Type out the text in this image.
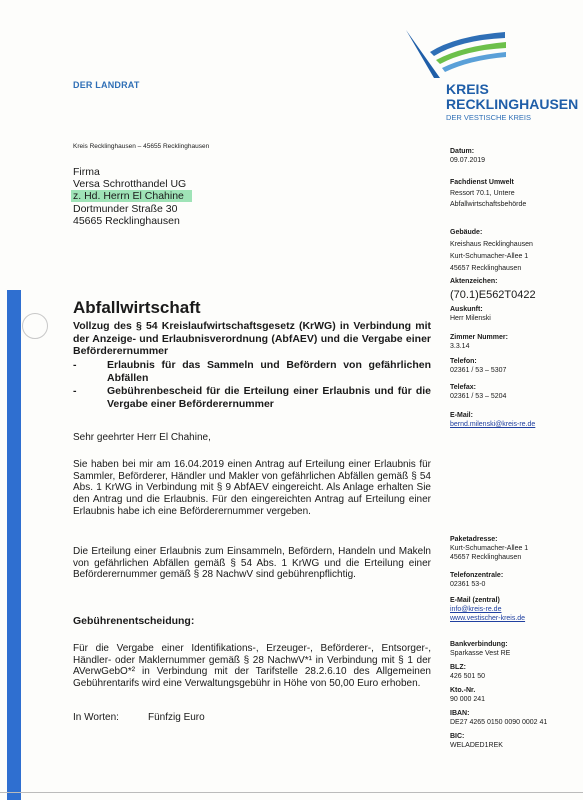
DER LANDRAT	KREIS
RECKLINGHAUSEN
DER VESTISCHE KREIS
Kreis Recklinghausen – 45655 Recklinghausen
Firma
Versa Schrotthandel UG
z. Hd. Herrn El Chahine
Dortmunder Straße 30
45665 Recklinghausen
Datum:
09.07.2019
Fachdienst Umwelt
Ressort 70.1, Untere
Abfallwirtschaftsbehörde
Gebäude:
Kreishaus Recklinghausen
Kurt-Schumacher-Allee 1
45657 Recklinghausen
Aktenzeichen:
(70.1)E562T0422
Auskunft:
Herr Milenski
Zimmer Nummer:
3.3.14
Telefon:
02361 / 53 – 5307
Telefax:
02361 / 53 – 5204
E-Mail:
bernd.milenski@kreis-re.de
Paketadresse:
Kurt-Schumacher-Allee 1
45657 Recklinghausen
Telefonzentrale:
02361 53-0
E-Mail (zentral)
info@kreis-re.de
www.vestischer-kreis.de
Bankverbindung:
Sparkasse Vest RE
BLZ:
426 501 50
Kto.-Nr.
90 000 241
IBAN:
DE27 4265 0150 0090 0002 41
BIC:
WELADED1REK
Abfallwirtschaft
Vollzug des § 54 Kreislaufwirtschaftsgesetz (KrWG) in Verbindung mit der Anzeige- und Erlaubnisverordnung (AbfAEV) und die Vergabe einer Beförderernummer
-	Erlaubnis für das Sammeln und Befördern von gefährlichen Abfällen
-	Gebührenbescheid für die Erteilung einer Erlaubnis und für die Vergabe einer Beförderernummer
Sehr geehrter Herr El Chahine,
Sie haben bei mir am 16.04.2019 einen Antrag auf Erteilung einer Erlaubnis für Sammler, Beförderer, Händler und Makler von gefährlichen Abfällen gemäß § 54 Abs. 1 KrWG in Verbindung mit § 9 AbfAEV eingereicht. Als Anlage erhalten Sie den Antrag und die Erlaubnis. Für den eingereichten Antrag auf Erteilung einer Erlaubnis habe ich eine Beförderernummer vergeben.
Die Erteilung einer Erlaubnis zum Einsammeln, Befördern, Handeln und Makeln von gefährlichen Abfällen gemäß § 54 Abs. 1 KrWG und die Erteilung einer Beförderernummer gemäß § 28 NachwV sind gebührenpflichtig.
Gebührenentscheidung:
Für die Vergabe einer Identifikations-, Erzeuger-, Beförderer-, Entsorger-, Händler- oder Maklernummer gemäß § 28 NachwV*¹ in Verbindung mit § 1 der AVerwGebO*² in Verbindung mit der Tarifstelle 28.2.6.10 des Allgemeinen Gebührentarifs wird eine Verwaltungsgebühr in Höhe von 50,00 Euro erhoben.
In Worten:	Fünfzig Euro
